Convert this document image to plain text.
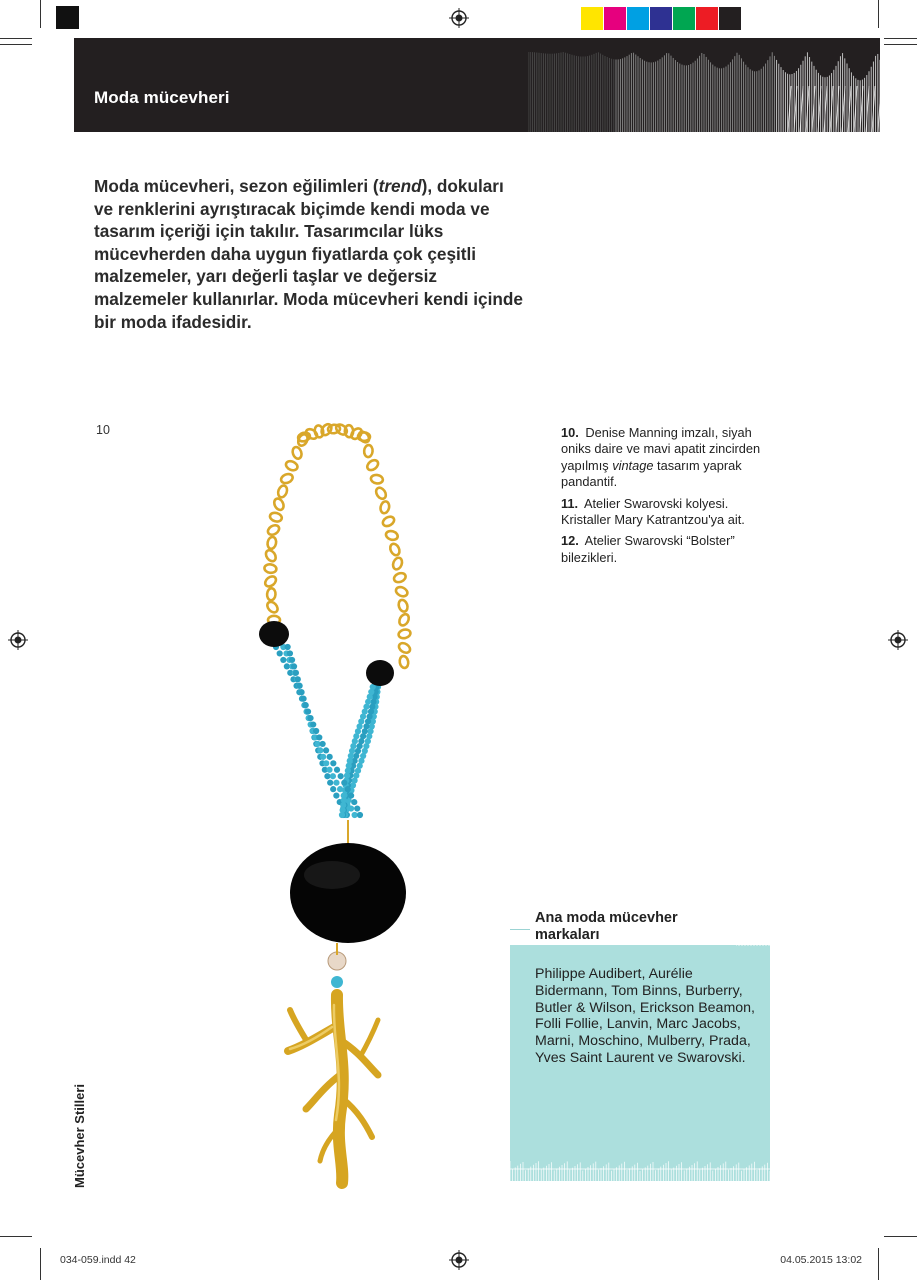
Moda mücevheri
Moda mücevheri, sezon eğilimleri (trend), dokuları ve renklerini ayrıştıracak biçimde kendi moda ve tasarım içeriği için takılır. Tasarımcılar lüks mücevherden daha uygun fiyatlarda çok çeşitli malzemeler, yarı değerli taşlar ve değersiz malzemeler kullanırlar. Moda mücevheri kendi içinde bir moda ifadesidir.
10	10. Denise Manning imzalı, siyah oniks daire ve mavi apatit zincirden yapılmış vintage tasarım yaprak pandantif.

11. Atelier Swarovski kolyesi. Kristaller Mary Katrantzou'ya ait.

12. Atelier Swarovski “Bolster” bilezikleri.

Ana moda mücevher markaları
Philippe Audibert, Aurélie Bidermann, Tom Binns, Burberry, Butler & Wilson, Erickson Beamon, Folli Follie, Lanvin, Marc Jacobs, Marni, Moschino, Mulberry, Prada, Yves Saint Laurent ve Swarovski.
Mücevher Stilleri
034-059.indd 42	04.05.2015 13:02
